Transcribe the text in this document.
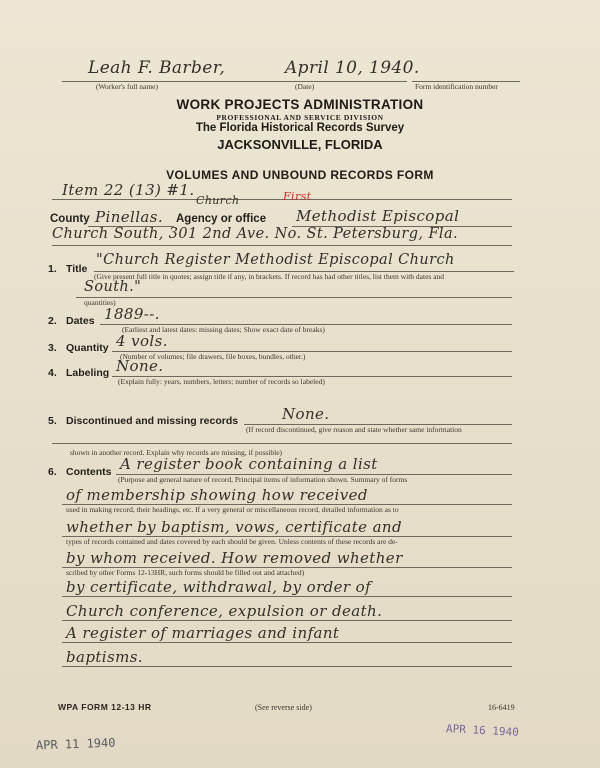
Leah F. Barber,	April 10, 1940.
(Worker's full name)	(Date)	Form identification number
WORK PROJECTS ADMINISTRATION
PROFESSIONAL AND SERVICE DIVISION
The Florida Historical Records Survey
JACKSONVILLE, FLORIDA
VOLUMES AND UNBOUND RECORDS FORM
Item 22 (13) #1.
Church	First
County Pinellas. Agency or office Methodist Episcopal
Church South, 301 2nd Ave. No. St. Petersburg, Fla.
1. Title
"Church Register Methodist Episcopal Church
(Give present full title in quotes; assign title if any, in brackets. If record has had other titles, list them with dates and
South."
quantities)
2. Dates 1889--.
(Earliest and latest dates: missing dates; Show exact date of breaks)
3. Quantity 4 vols.
(Number of volumes; file drawers, file boxes, bundles, other.)
4. Labeling None.
(Explain fully: years, numbers, letters; number of records so labeled)
5. Discontinued and missing records	None.
(If record discontinued, give reason and state whether same information
shown in another record. Explain why records are missing, if possible)
6. Contents A register book containing a list
(Purpose and general nature of record, Principal items of information shown. Summary of forms
of membership showing how received
used in making record, their headings, etc. If a very general or miscellaneous record, detailed information as to
whether by baptism, vows, certificate and
types of records contained and dates covered by each should be given. Unless contents of these records are de-
by whom received. How removed whether
scribed by other Forms 12-13HR, such forms should be filled out and attached)
by certificate, withdrawal, by order of
Church conference, expulsion or death.
A register of marriages and infant
baptisms.
WPA FORM 12-13 HR	(See reverse side)	16-6419
APR 11 1940
APR 16 1940
